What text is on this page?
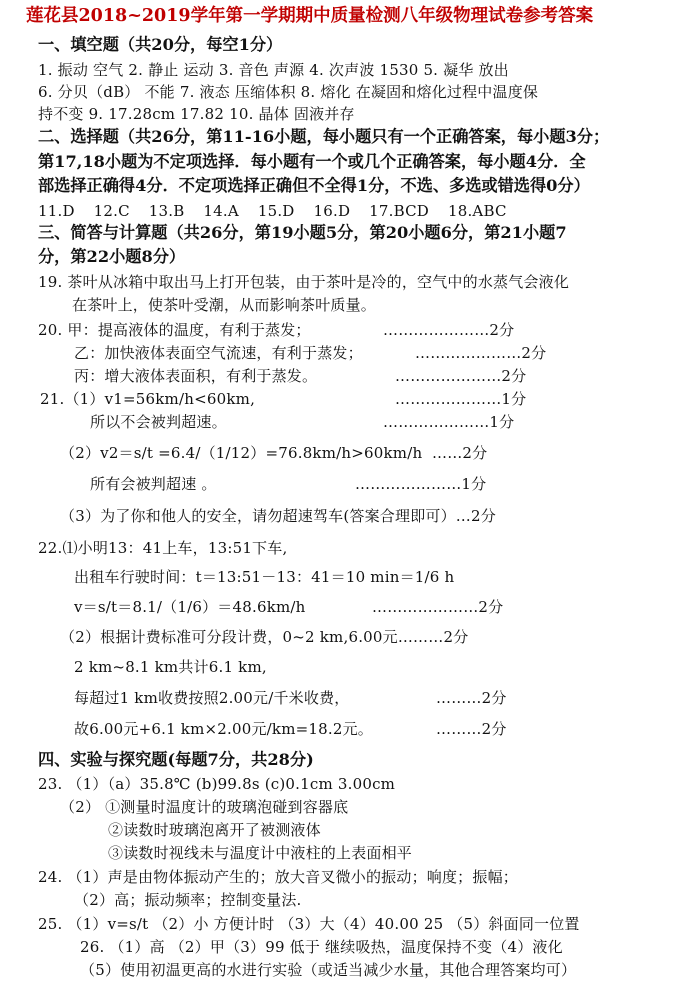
莲花县2018~2019学年第一学期期中质量检测八年级物理试卷参考答案
一、填空题（共20分，每空1分）
1. 振动 空气 2. 静止 运动 3. 音色 声源 4. 次声波 1530 5. 凝华 放出
6. 分贝（dB） 不能 7. 液态 压缩体积 8. 熔化 在凝固和熔化过程中温度保
持不变 9. 17.28cm 17.82 10. 晶体 固液并存
二、选择题（共26分，第11-16小题，每小题只有一个正确答案，每小题3分；
第17,18小题为不定项选择．每小题有一个或几个正确答案，每小题4分．全
部选择正确得4分．不定项选择正确但不全得1分，不选、多选或错选得0分）
11.D 12.C 13.B 14.A 15.D 16.D 17.BCD 18.ABC
三、简答与计算题（共26分，第19小题5分，第20小题6分，第21小题7
分，第22小题8分）
19. 茶叶从冰箱中取出马上打开包装，由于茶叶是冷的，空气中的水蒸气会液化
在茶叶上，使茶叶受潮，从而影响茶叶质量。
20. 甲：提高液体的温度，有利于蒸发；	…………………2分
乙：加快液体表面空气流速，有利于蒸发；	…………………2分
丙：增大液体表面积，有利于蒸发。	…………………2分
21.（1）v1=56km/h<60km,	…………………1分
所以不会被判超速。	…………………1分
（2）v2＝s/t =6.4/（1/12）=76.8km/h>60km/h ……2分
所有会被判超速 。	…………………1分
（3）为了你和他人的安全，请勿超速驾车(答案合理即可）…2分
22.⑴小明13：41上车，13:51下车,
出租车行驶时间：t＝13:51－13：41＝10 min＝1/6 h
v＝s/t＝8.1/（1/6）＝48.6km/h	…………………2分
（2）根据计费标准可分段计费，0~2 km,6.00元………2分
2 km~8.1 km共计6.1 km,
每超过1 km收费按照2.00元/千米收费，	………2分
故6.00元+6.1 km×2.00元/km=18.2元。	………2分
四、实验与探究题(每题7分，共28分)
23. （1）（a）35.8℃ (b)99.8s (c)0.1cm 3.00cm
（2） ①测量时温度计的玻璃泡碰到容器底
②读数时玻璃泡离开了被测液体
③读数时视线未与温度计中液柱的上表面相平
24. （1）声是由物体振动产生的；放大音叉微小的振动；响度；振幅；
（2）高；振动频率；控制变量法.
25. （1）v=s/t （2）小 方便计时 （3）大（4）40.00 25 （5）斜面同一位置
26. （1）高 （2）甲（3）99 低于 继续吸热，温度保持不变（4）液化
（5）使用初温更高的水进行实验（或适当减少水量，其他合理答案均可）
